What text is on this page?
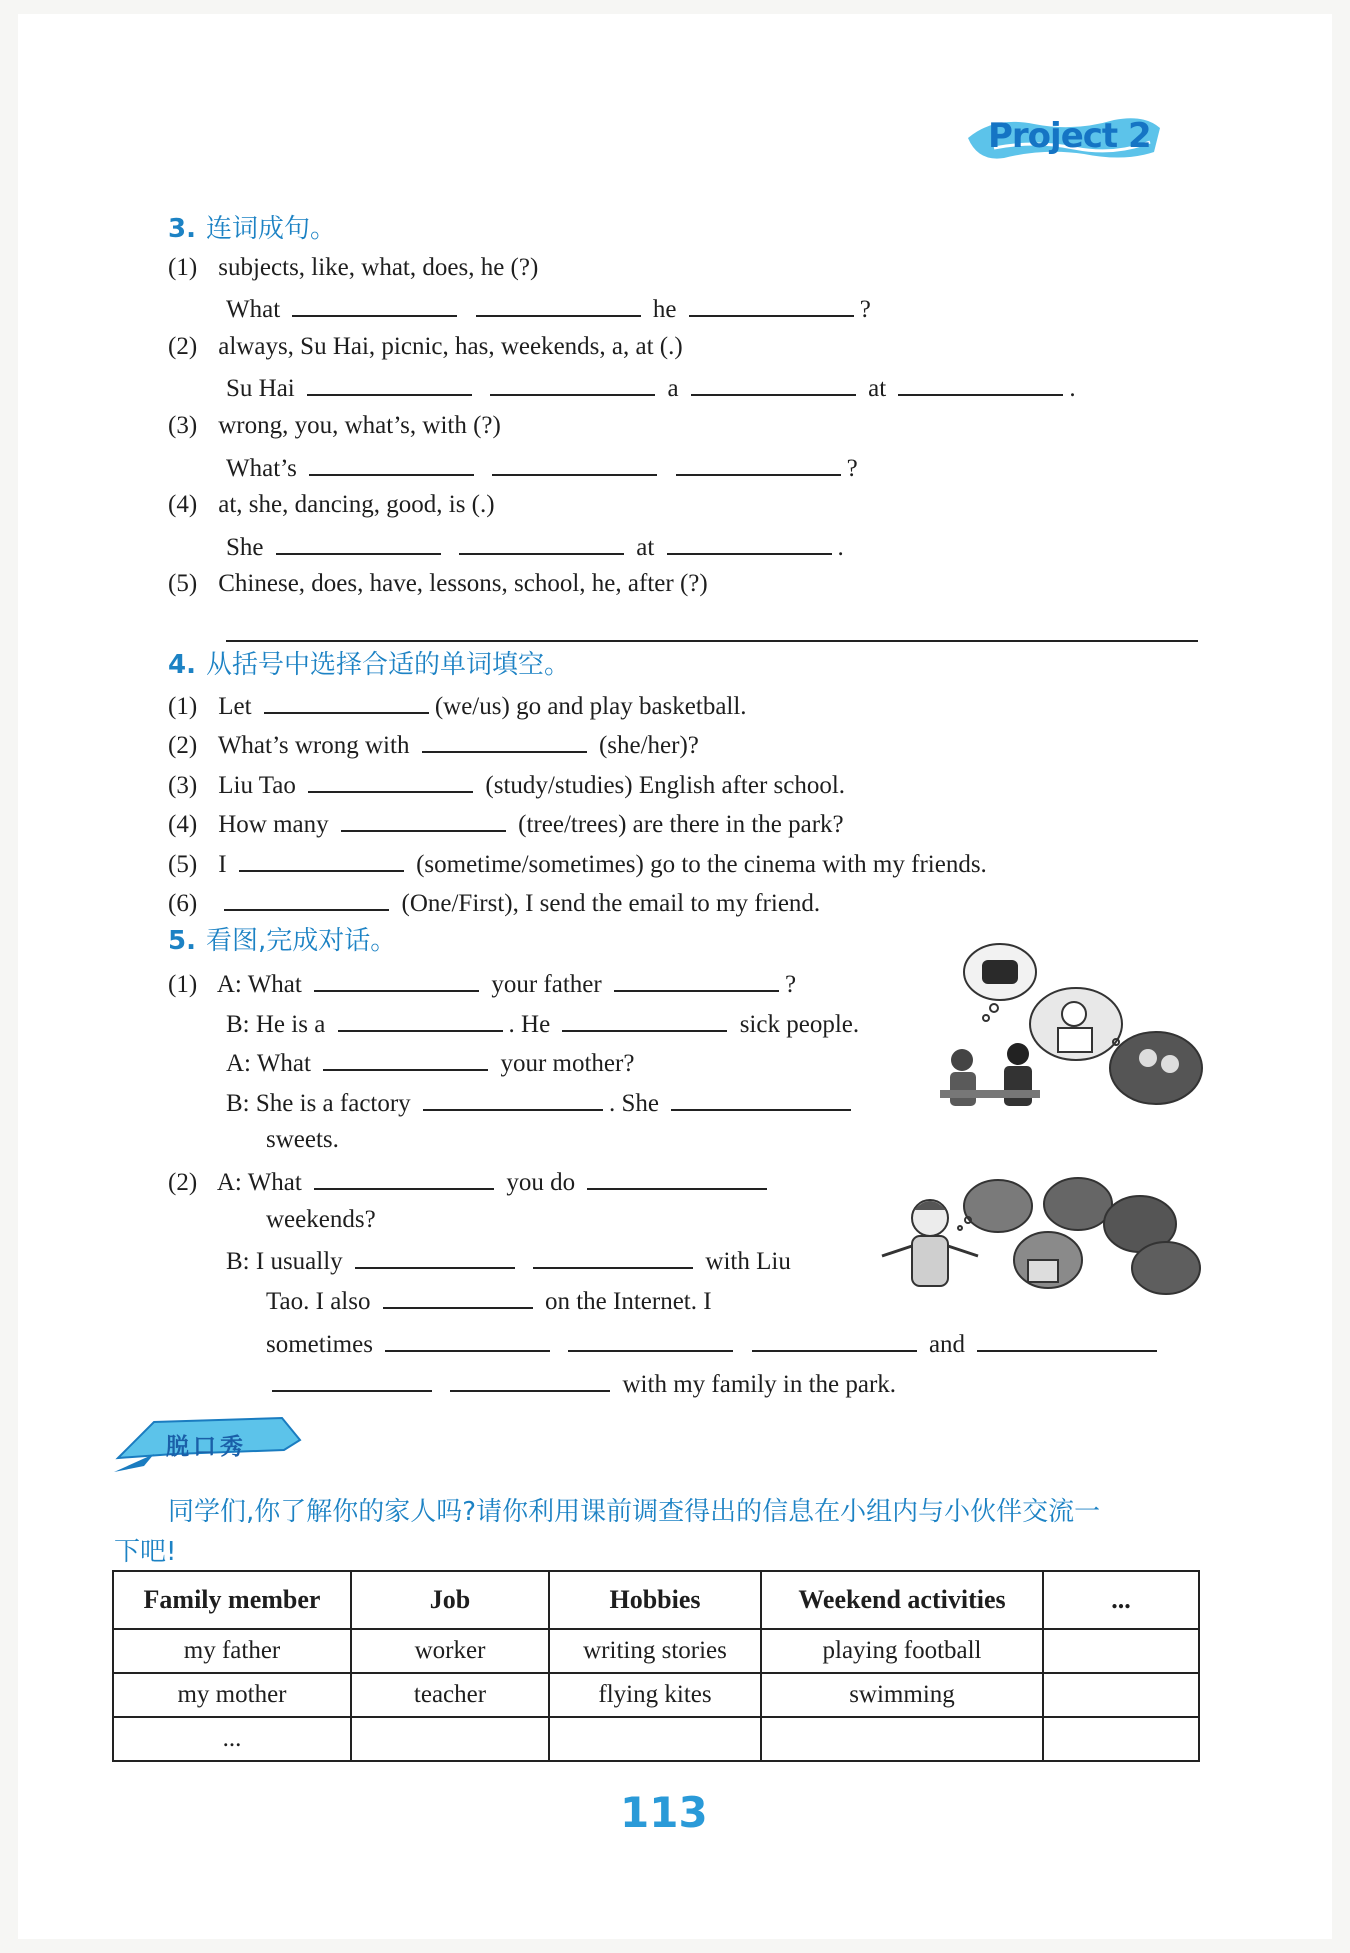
Project 2
3. 连词成句。
(1) subjects, like, what, does, he (?)
What	he	?
(2) always, Su Hai, picnic, has, weekends, a, at (.)
Su Hai	a	at	.
(3) wrong, you, what’s, with (?)
What’s	?
(4) at, she, dancing, good, is (.)
She	at	.
(5) Chinese, does, have, lessons, school, he, after (?)
4. 从括号中选择合适的单词填空。
(1) Let	(we/us) go and play basketball.
(2) What’s wrong with	(she/her)?
(3) Liu Tao	(study/studies) English after school.
(4) How many	(tree/trees) are there in the park?
(5) I	(sometime/sometimes) go to the cinema with my friends.
(6)	(One/First), I send the email to my friend.
5. 看图,完成对话。
(1) A: What	your father	?
B: He is a	. He	sick people.
A: What	your mother?
B: She is a factory	. She
sweets.
(2) A: What	you do
weekends?
B: I usually	with Liu
Tao. I also	on the Internet. I
sometimes	and
with my family in the park.
脱口秀
同学们,你了解你的家人吗?请你利用课前调查得出的信息在小组内与小伙伴交流一
下吧!
Family member	Job	Hobbies	Weekend activities	...
my father	worker	writing stories	playing football	
my mother	teacher	flying kites	swimming	
...				
113
